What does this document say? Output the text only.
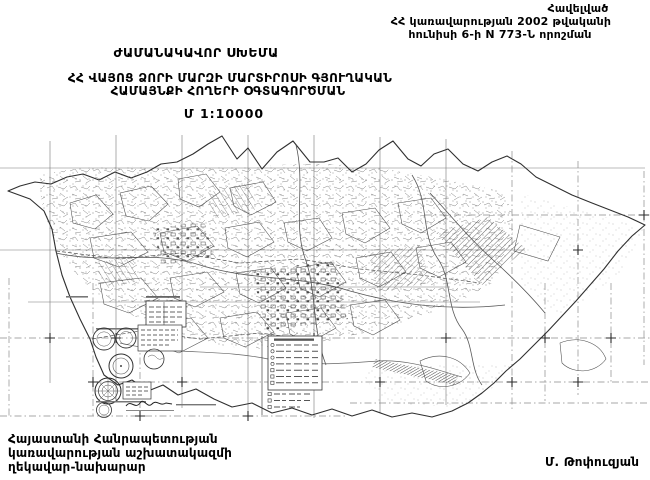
Հավելված
ՀՀ կառավարության 2002 թվականի
հունիսի 6-ի N 773-Ն որոշման
ԺԱՄԱՆԱԿԱՎՈՐ ՍԽԵՄԱ
ՀՀ ՎԱՅՈՑ ՁՈՐԻ ՄԱՐԶԻ ՄԱՐՏԻՐՈՍԻ ԳՅՈՒՂԱԿԱՆ
ՀԱՄԱՅՆՔԻ ՀՈՂԵՐԻ ՕԳՏԱԳՈՐԾՄԱՆ
Մ 1:10000
Հայաստանի Հանրապետության
կառավարության աշխատակազմի
ղեկավար-նախարար	Մ. Թոփուզյան
